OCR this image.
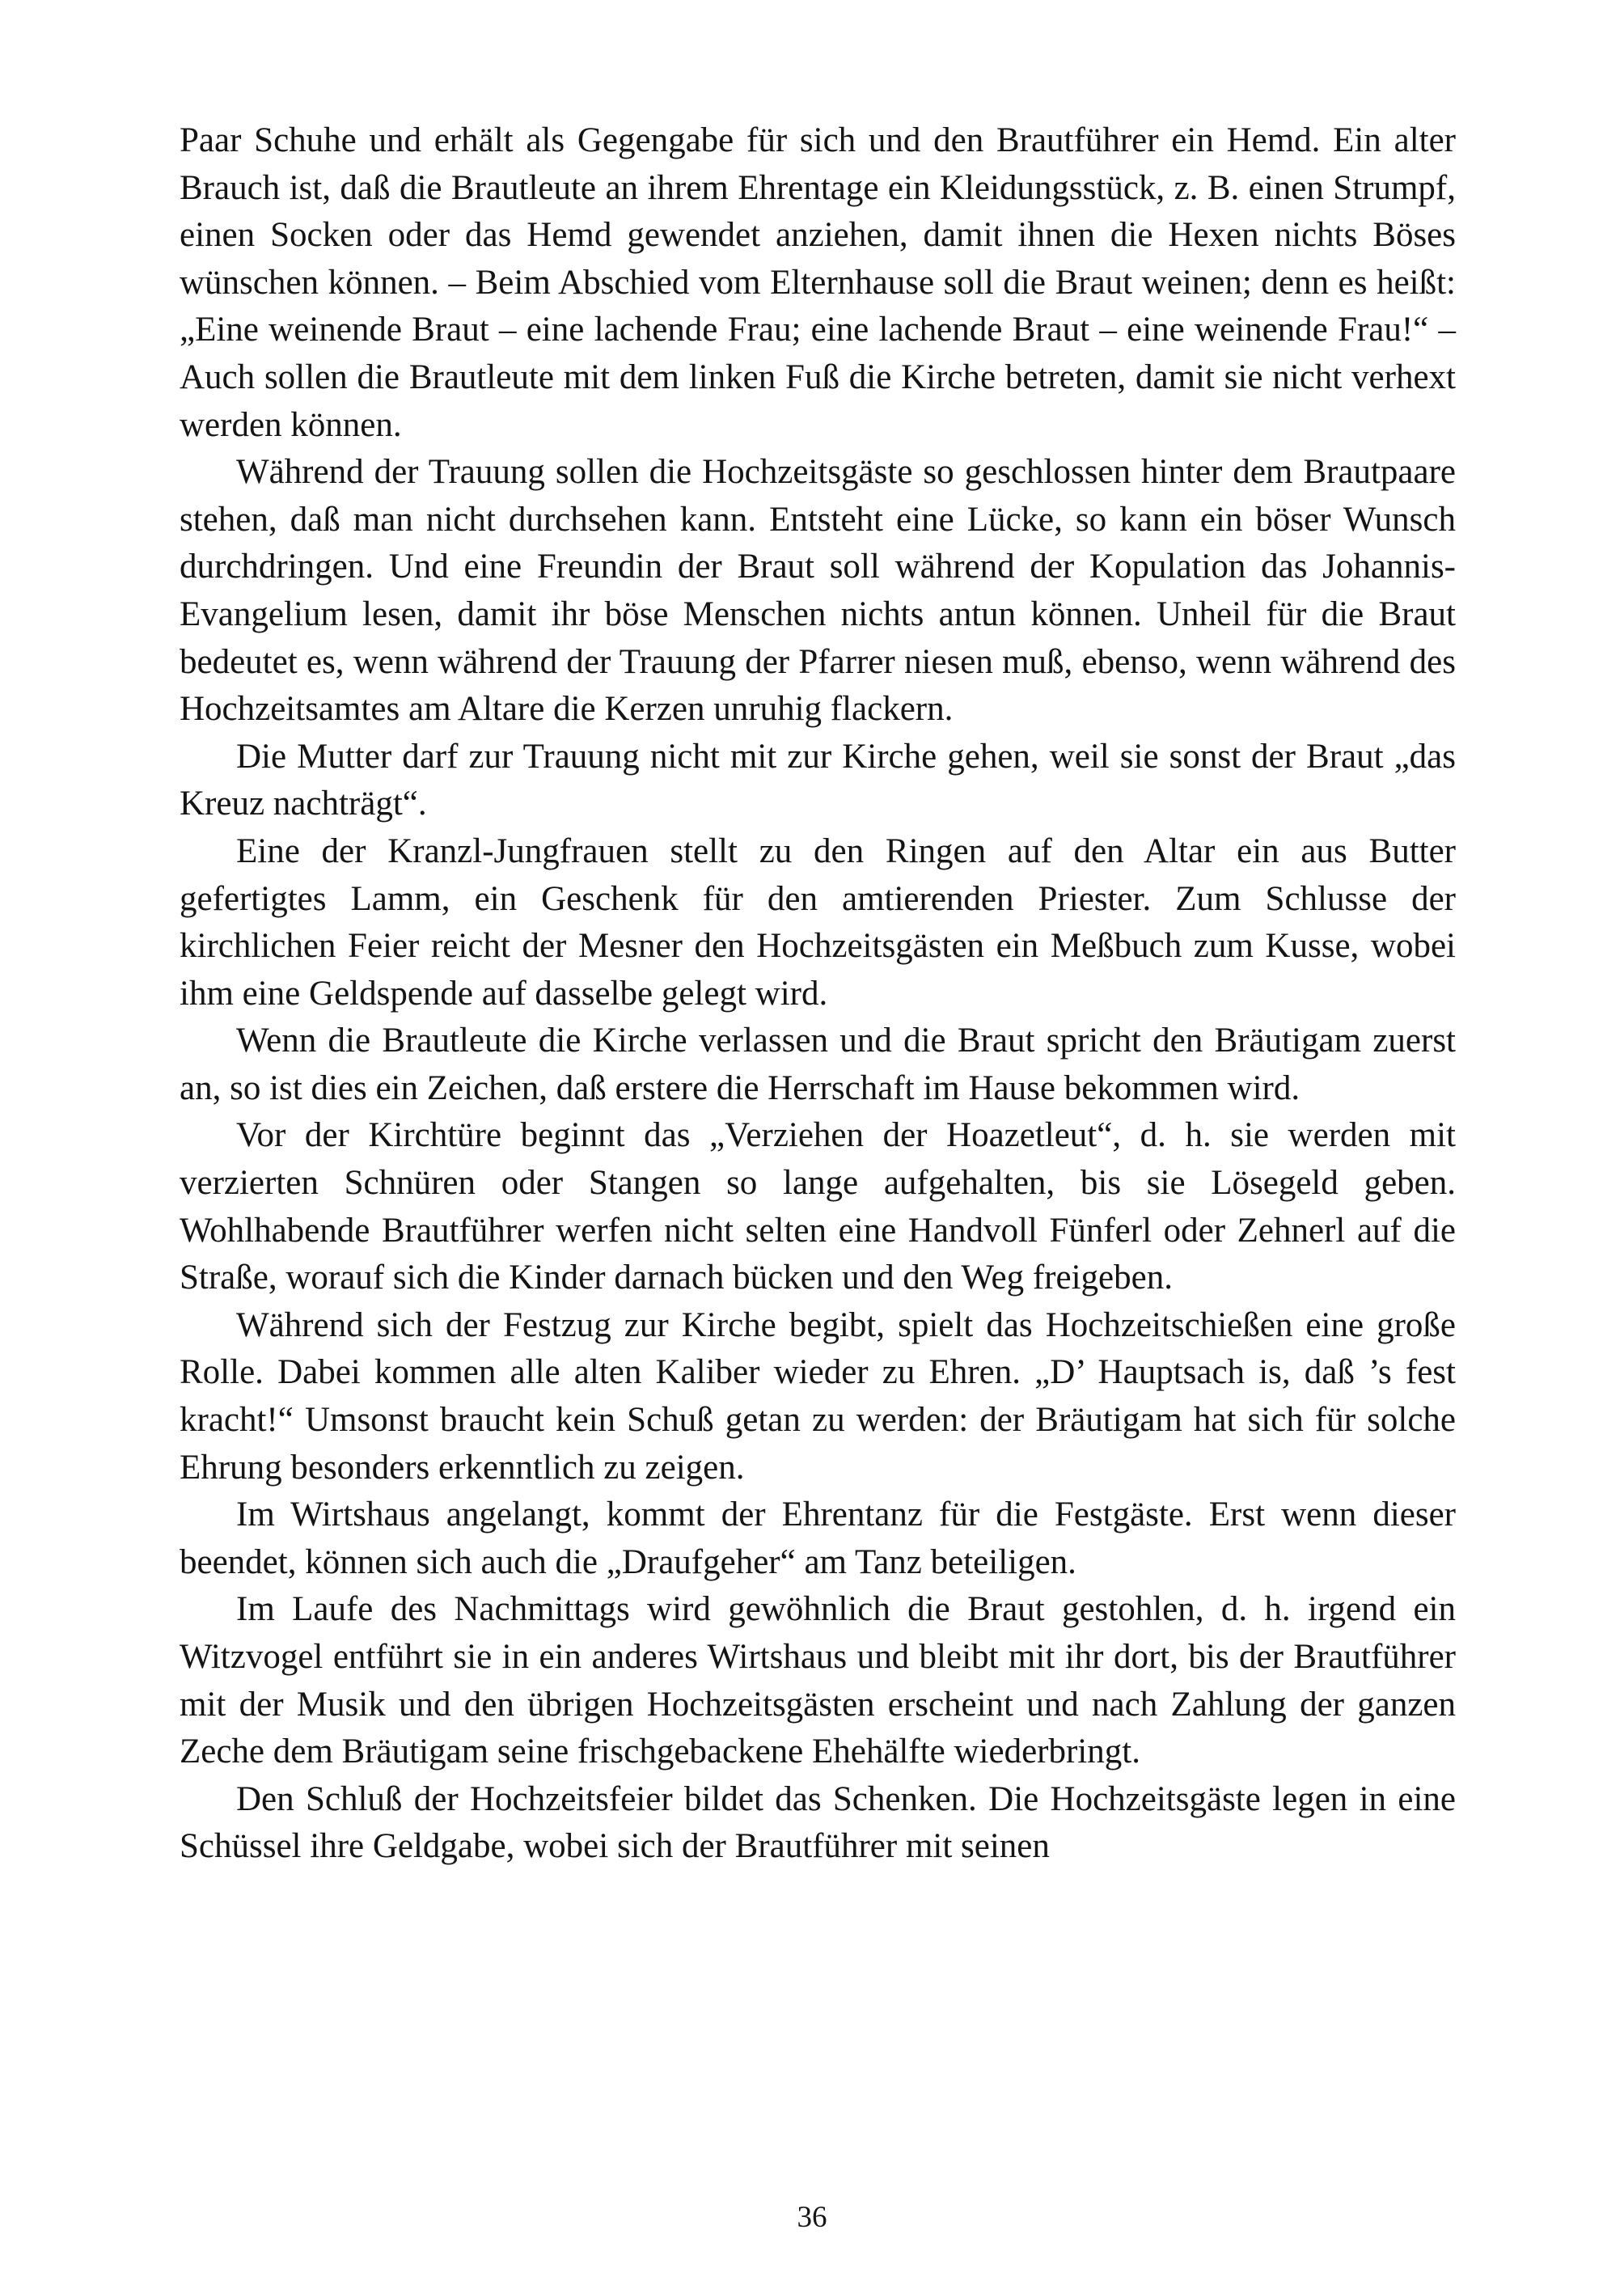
Paar Schuhe und erhält als Gegengabe für sich und den Brautführer ein Hemd. Ein alter Brauch ist, daß die Brautleute an ihrem Ehrentage ein Kleidungsstück, z. B. einen Strumpf, einen Socken oder das Hemd gewendet anziehen, damit ihnen die Hexen nichts Böses wünschen können. – Beim Abschied vom Elternhause soll die Braut weinen; denn es heißt: „Eine weinende Braut – eine lachende Frau; eine lachende Braut – eine weinende Frau!“ – Auch sollen die Brautleute mit dem linken Fuß die Kirche betreten, damit sie nicht verhext werden können.

Während der Trauung sollen die Hochzeitsgäste so geschlossen hinter dem Brautpaare stehen, daß man nicht durchsehen kann. Entsteht eine Lücke, so kann ein böser Wunsch durchdringen. Und eine Freundin der Braut soll während der Kopulation das Johannis-Evangelium lesen, damit ihr böse Menschen nichts antun können. Unheil für die Braut bedeutet es, wenn während der Trauung der Pfarrer niesen muß, ebenso, wenn während des Hochzeitsamtes am Altare die Kerzen unruhig flackern.

Die Mutter darf zur Trauung nicht mit zur Kirche gehen, weil sie sonst der Braut „das Kreuz nachträgt“.

Eine der Kranzl-Jungfrauen stellt zu den Ringen auf den Altar ein aus Butter gefertigtes Lamm, ein Geschenk für den amtierenden Priester. Zum Schlusse der kirchlichen Feier reicht der Mesner den Hochzeitsgästen ein Meßbuch zum Kusse, wobei ihm eine Geldspende auf dasselbe gelegt wird.

Wenn die Brautleute die Kirche verlassen und die Braut spricht den Bräutigam zuerst an, so ist dies ein Zeichen, daß erstere die Herrschaft im Hause bekommen wird.

Vor der Kirchtüre beginnt das „Verziehen der Hoazetleut“, d. h. sie werden mit verzierten Schnüren oder Stangen so lange aufgehalten, bis sie Lösegeld geben. Wohlhabende Brautführer werfen nicht selten eine Handvoll Fünferl oder Zehnerl auf die Straße, worauf sich die Kinder darnach bücken und den Weg freigeben.

Während sich der Festzug zur Kirche begibt, spielt das Hochzeitschießen eine große Rolle. Dabei kommen alle alten Kaliber wieder zu Ehren. „D’ Hauptsach is, daß ’s fest kracht!“ Umsonst braucht kein Schuß getan zu werden: der Bräutigam hat sich für solche Ehrung besonders erkenntlich zu zeigen.

Im Wirtshaus angelangt, kommt der Ehrentanz für die Festgäste. Erst wenn dieser beendet, können sich auch die „Draufgeher“ am Tanz beteiligen.

Im Laufe des Nachmittags wird gewöhnlich die Braut gestohlen, d. h. irgend ein Witzvogel entführt sie in ein anderes Wirtshaus und bleibt mit ihr dort, bis der Brautführer mit der Musik und den übrigen Hochzeitsgästen erscheint und nach Zahlung der ganzen Zeche dem Bräutigam seine frischgebackene Ehehälfte wiederbringt.

Den Schluß der Hochzeitsfeier bildet das Schenken. Die Hochzeitsgäste legen in eine Schüssel ihre Geldgabe, wobei sich der Brautführer mit seinen

36
